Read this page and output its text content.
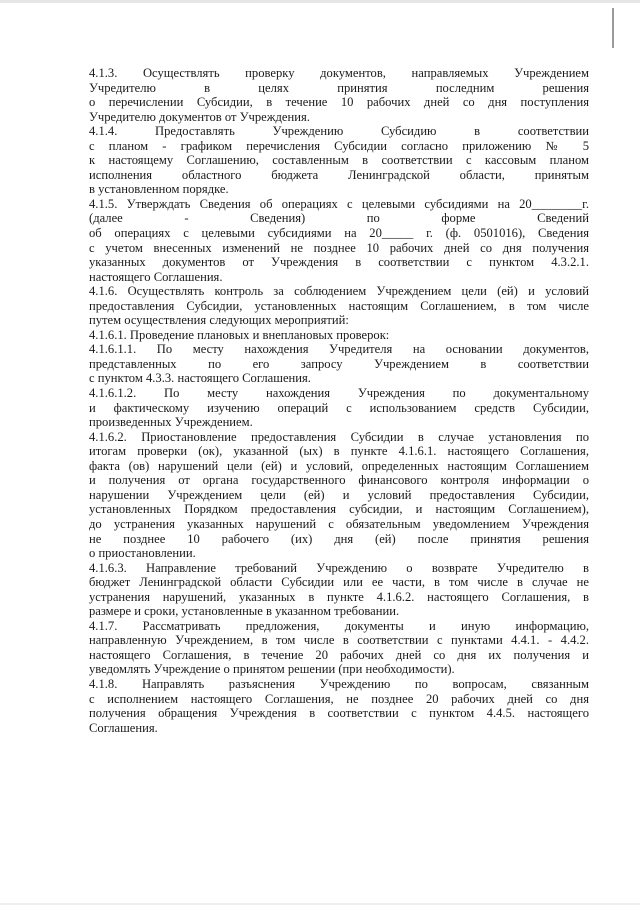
4.1.3. Осуществлять проверку документов, направляемых Учреждением
Учредителю в целях принятия последним решения
о перечислении Субсидии, в течение 10 рабочих дней со дня поступления
Учредителю документов от Учреждения.
4.1.4. Предоставлять Учреждению Субсидию в соответствии
с планом - графиком перечисления Субсидии согласно приложению № 5
к настоящему Соглашению, составленным в соответствии с кассовым планом
исполнения областного бюджета Ленинградской области, принятым
в установленном порядке.
4.1.5. Утверждать Сведения об операциях с целевыми субсидиями на 20________г.
(далее - Сведения) по форме Сведений
об операциях с целевыми субсидиями на 20_____ г. (ф. 0501016), Сведения
с учетом внесенных изменений не позднее 10 рабочих дней со дня получения
указанных документов от Учреждения в соответствии с пунктом 4.3.2.1.
настоящего Соглашения.
4.1.6. Осуществлять контроль за соблюдением Учреждением цели (ей) и условий
предоставления Субсидии, установленных настоящим Соглашением, в том числе
путем осуществления следующих мероприятий:
4.1.6.1. Проведение плановых и внеплановых проверок:
4.1.6.1.1. По месту нахождения Учредителя на основании документов,
представленных по его запросу Учреждением в соответствии
с пунктом 4.3.3. настоящего Соглашения.
4.1.6.1.2. По месту нахождения Учреждения по документальному
и фактическому изучению операций с использованием средств Субсидии,
произведенных Учреждением.
4.1.6.2. Приостановление предоставления Субсидии в случае установления по
итогам проверки (ок), указанной (ых) в пункте 4.1.6.1. настоящего Соглашения,
факта (ов) нарушений цели (ей) и условий, определенных настоящим Соглашением
и получения от органа государственного финансового контроля информации о
нарушении Учреждением цели (ей) и условий предоставления Субсидии,
установленных Порядком предоставления субсидии, и настоящим Соглашением),
до устранения указанных нарушений с обязательным уведомлением Учреждения
не позднее 10 рабочего (их) дня (ей) после принятия решения
о приостановлении.
4.1.6.3. Направление требований Учреждению о возврате Учредителю в
бюджет Ленинградской области Субсидии или ее части, в том числе в случае не
устранения нарушений, указанных в пункте 4.1.6.2. настоящего Соглашения, в
размере и сроки, установленные в указанном требовании.
4.1.7. Рассматривать предложения, документы и иную информацию,
направленную Учреждением, в том числе в соответствии с пунктами 4.4.1. - 4.4.2.
настоящего Соглашения, в течение 20 рабочих дней со дня их получения и
уведомлять Учреждение о принятом решении (при необходимости).
4.1.8. Направлять разъяснения Учреждению по вопросам, связанным
с исполнением настоящего Соглашения, не позднее 20 рабочих дней со дня
получения обращения Учреждения в соответствии с пунктом 4.4.5. настоящего
Соглашения.
